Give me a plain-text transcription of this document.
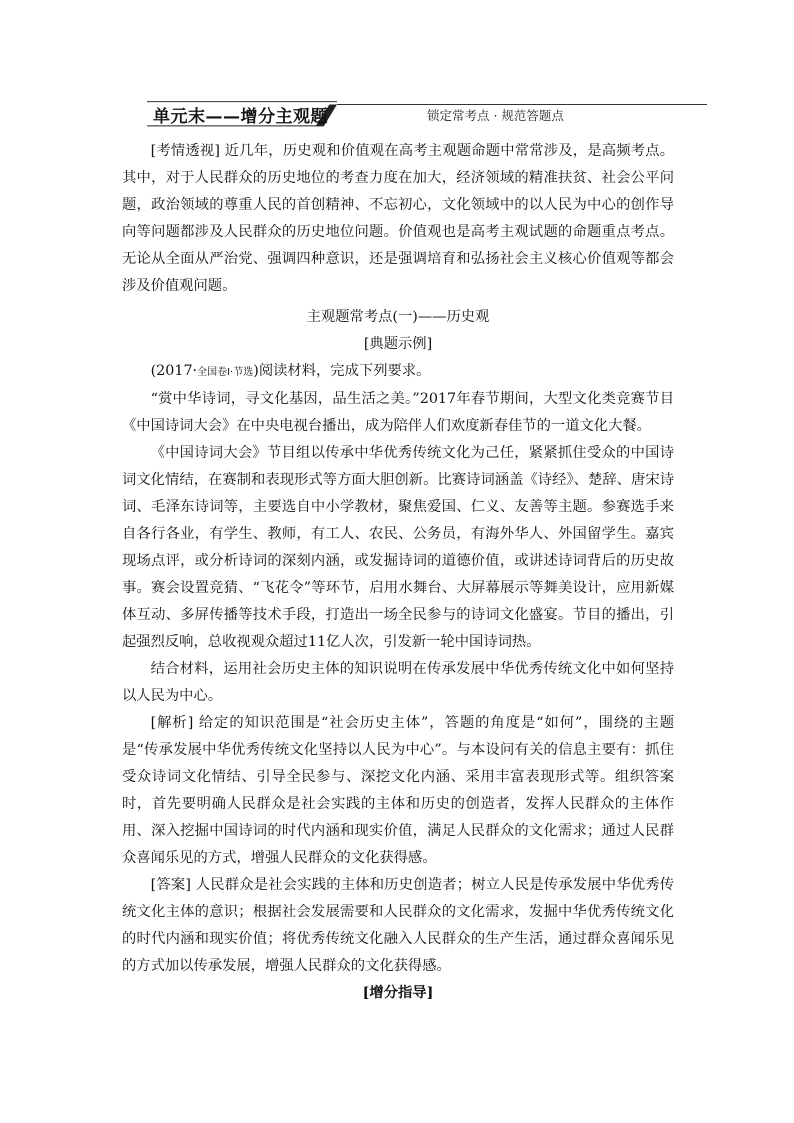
单元末——增分主观题	锁定常考点 · 规范答题点

[考情透视] 近几年，历史观和价值观在高考主观题命题中常常涉及，是高频考点。其中，对于人民群众的历史地位的考查力度在加大，经济领域的精准扶贫、社会公平问题，政治领域的尊重人民的首创精神、不忘初心，文化领域中的以人民为中心的创作导向等问题都涉及人民群众的历史地位问题。价值观也是高考主观试题的命题重点考点。无论从全面从严治党、强调四种意识，还是强调培育和弘扬社会主义核心价值观等都会涉及价值观问题。

主观题常考点(一)——历史观

[典题示例]

(2017·全国卷Ⅰ·节选)阅读材料，完成下列要求。

“赏中华诗词，寻文化基因，品生活之美。”2017年春节期间，大型文化类竞赛节目《中国诗词大会》在中央电视台播出，成为陪伴人们欢度新春佳节的一道文化大餐。

《中国诗词大会》节目组以传承中华优秀传统文化为己任，紧紧抓住受众的中国诗词文化情结，在赛制和表现形式等方面大胆创新。比赛诗词涵盖《诗经》、楚辞、唐宋诗词、毛泽东诗词等，主要选自中小学教材，聚焦爱国、仁义、友善等主题。参赛选手来自各行各业，有学生、教师，有工人、农民、公务员，有海外华人、外国留学生。嘉宾现场点评，或分析诗词的深刻内涵，或发掘诗词的道德价值，或讲述诗词背后的历史故事。赛会设置竞猜、“飞花令”等环节，启用水舞台、大屏幕展示等舞美设计，应用新媒体互动、多屏传播等技术手段，打造出一场全民参与的诗词文化盛宴。节目的播出，引起强烈反响，总收视观众超过11亿人次，引发新一轮中国诗词热。

结合材料，运用社会历史主体的知识说明在传承发展中华优秀传统文化中如何坚持以人民为中心。

[解析] 给定的知识范围是“社会历史主体”，答题的角度是“如何”，围绕的主题是“传承发展中华优秀传统文化坚持以人民为中心”。与本设问有关的信息主要有：抓住受众诗词文化情结、引导全民参与、深挖文化内涵、采用丰富表现形式等。组织答案时，首先要明确人民群众是社会实践的主体和历史的创造者，发挥人民群众的主体作用、深入挖掘中国诗词的时代内涵和现实价值，满足人民群众的文化需求；通过人民群众喜闻乐见的方式，增强人民群众的文化获得感。

[答案] 人民群众是社会实践的主体和历史创造者；树立人民是传承发展中华优秀传统文化主体的意识；根据社会发展需要和人民群众的文化需求，发掘中华优秀传统文化的时代内涵和现实价值；将优秀传统文化融入人民群众的生产生活，通过群众喜闻乐见的方式加以传承发展，增强人民群众的文化获得感。

[增分指导]
